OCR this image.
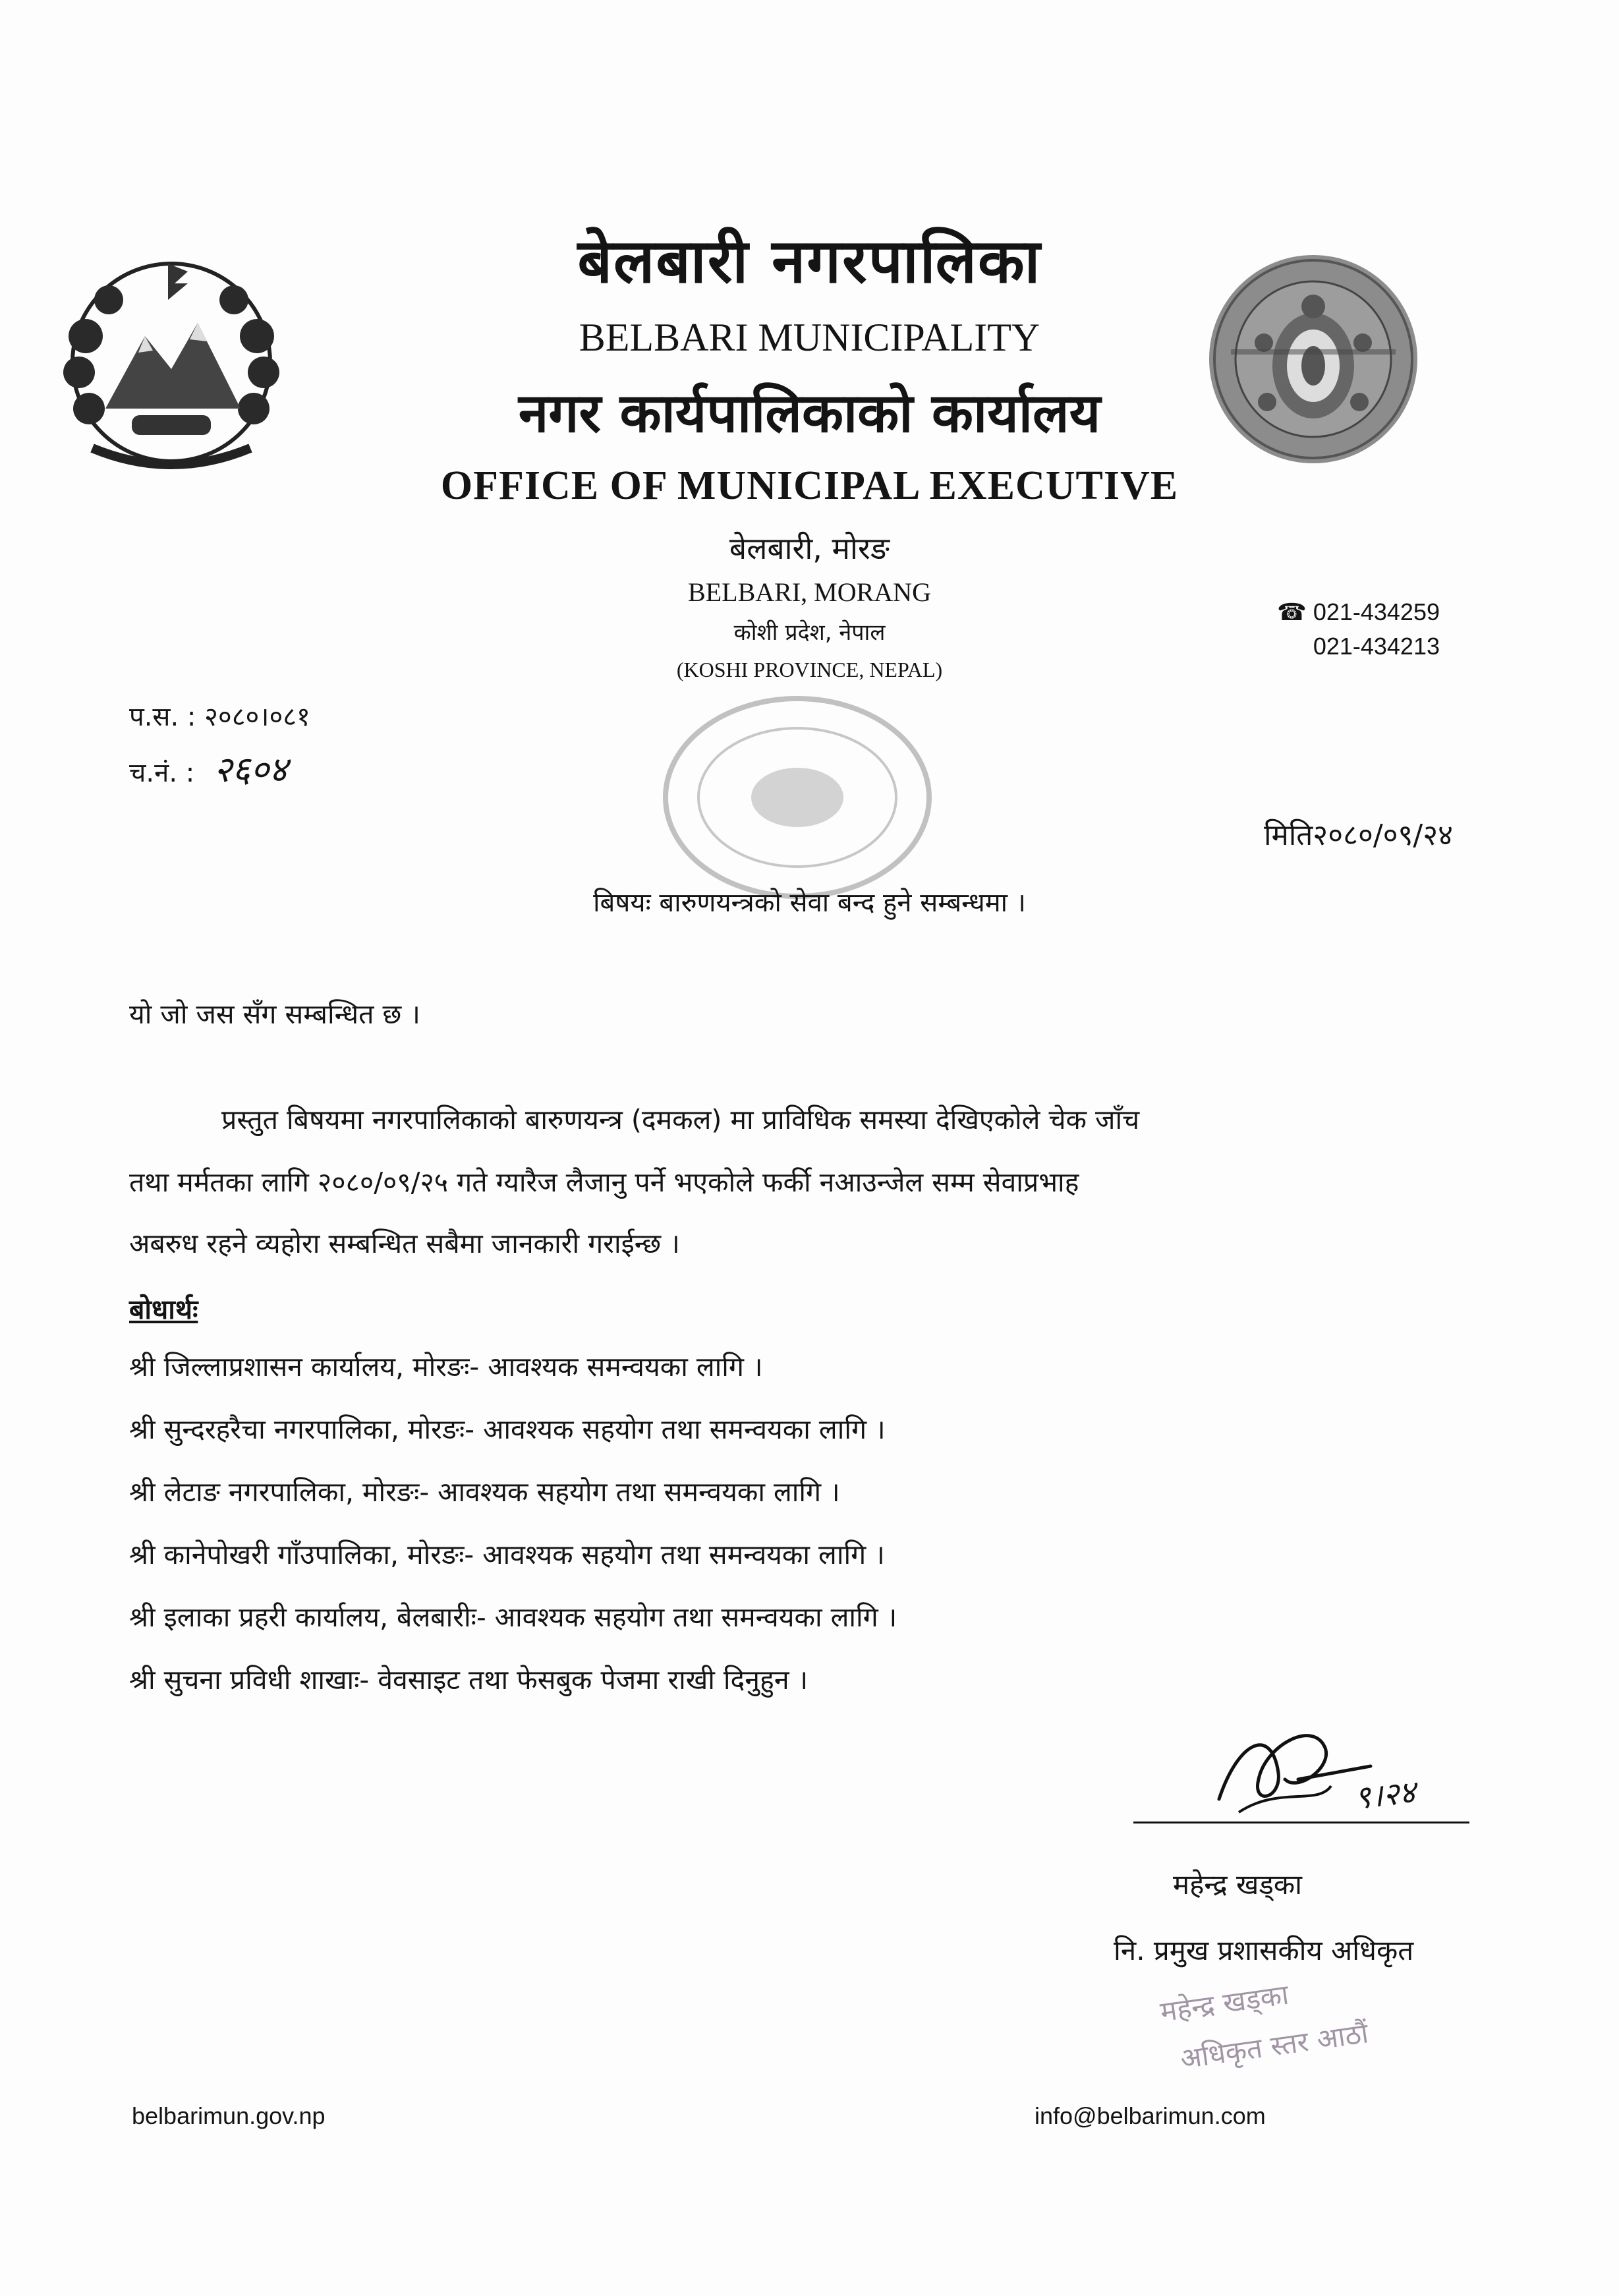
बेलबारी नगरपालिका
BELBARI MUNICIPALITY
नगर कार्यपालिकाको कार्यालय
OFFICE OF MUNICIPAL EXECUTIVE
बेलबारी, मोरङ
BELBARI, MORANG
कोशी प्रदेश, नेपाल
(KOSHI PROVINCE, NEPAL)
☎ 021-434259
021-434213
प.स. : २०८०।०८१
च.नं. : २६०४
मिति२०८०/०९/२४
बिषयः बारुणयन्त्रको सेवा बन्द हुने सम्बन्धमा ।
यो जो जस सँग सम्बन्धित छ ।
प्रस्तुत बिषयमा नगरपालिकाको बारुणयन्त्र (दमकल) मा प्राविधिक समस्या देखिएकोले चेक जाँच
तथा मर्मतका लागि २०८०/०९/२५ गते ग्यारैज लैजानु पर्ने भएकोले फर्की नआउन्जेल सम्म सेवाप्रभाह
अबरुध रहने व्यहोरा सम्बन्धित सबैमा जानकारी गराईन्छ ।
बोधार्थः
श्री जिल्लाप्रशासन कार्यालय, मोरङः- आवश्यक समन्वयका लागि ।
श्री सुन्दरहरैचा नगरपालिका, मोरङः- आवश्यक सहयोग तथा समन्वयका लागि ।
श्री लेटाङ नगरपालिका, मोरङः- आवश्यक सहयोग तथा समन्वयका लागि ।
श्री कानेपोखरी गाँउपालिका, मोरङः- आवश्यक सहयोग तथा समन्वयका लागि ।
श्री इलाका प्रहरी कार्यालय, बेलबारीः- आवश्यक सहयोग तथा समन्वयका लागि ।
श्री सुचना प्रविधी शाखाः- वेवसाइट तथा फेसबुक पेजमा राखी दिनुहुन ।
९।२४
महेन्द्र खड्का
नि. प्रमुख प्रशासकीय अधिकृत
महेन्द्र खड्का
अधिकृत स्तर आठौं
belbarimun.gov.np	info@belbarimun.com
